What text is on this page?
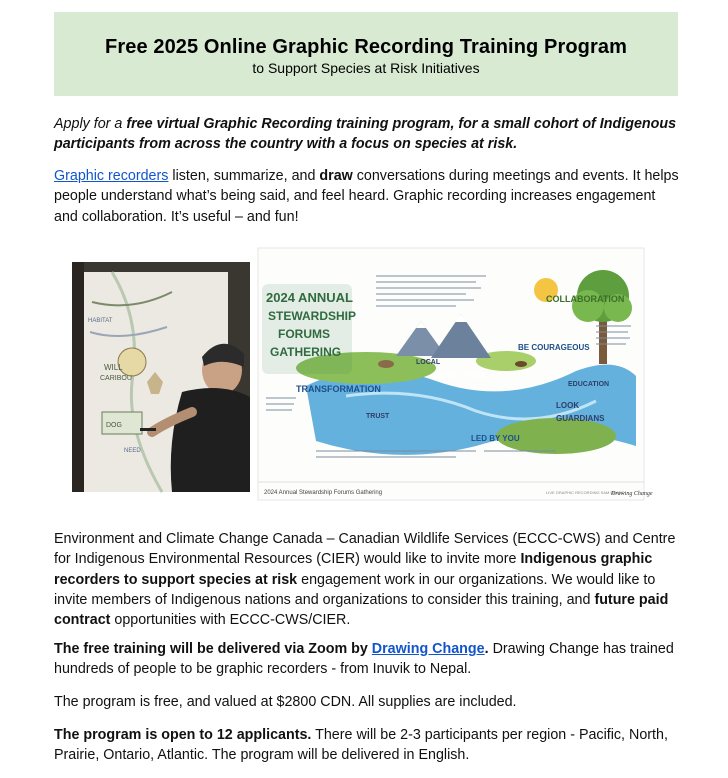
Free 2025 Online Graphic Recording Training Program
to Support Species at Risk Initiatives

Apply for a free virtual Graphic Recording training program, for a small cohort of Indigenous participants from across the country with a focus on species at risk.

Graphic recorders listen, summarize, and draw conversations during meetings and events. It helps people understand what’s being said, and feel heard. Graphic recording increases engagement and collaboration. It’s useful – and fun!

WILL
CARIBOU
DOG
HABITAT
NEED
2024 ANNUAL
STEWARDSHIP
FORUMS
GATHERING
COLLABORATION
TRANSFORMATION
BE COURAGEOUS
STATUS QUO
LED BY YOU
GUARDIANS
LOOK
EDUCATION
TRUST
LOCAL
2024 Annual Stewardship Forums Gathering	LIVE GRAPHIC RECORDING SAM BRADD
Drawing Change

Environment and Climate Change Canada – Canadian Wildlife Services (ECCC-CWS) and Centre for Indigenous Environmental Resources (CIER) would like to invite more Indigenous graphic recorders to support species at risk engagement work in our organizations. We would like to invite members of Indigenous nations and organizations to consider this training, and future paid contract opportunities with ECCC-CWS/CIER.

The free training will be delivered via Zoom by Drawing Change. Drawing Change has trained hundreds of people to be graphic recorders - from Inuvik to Nepal.

The program is free, and valued at $2800 CDN. All supplies are included.

The program is open to 12 applicants. There will be 2-3 participants per region - Pacific, North, Prairie, Ontario, Atlantic. The program will be delivered in English.
